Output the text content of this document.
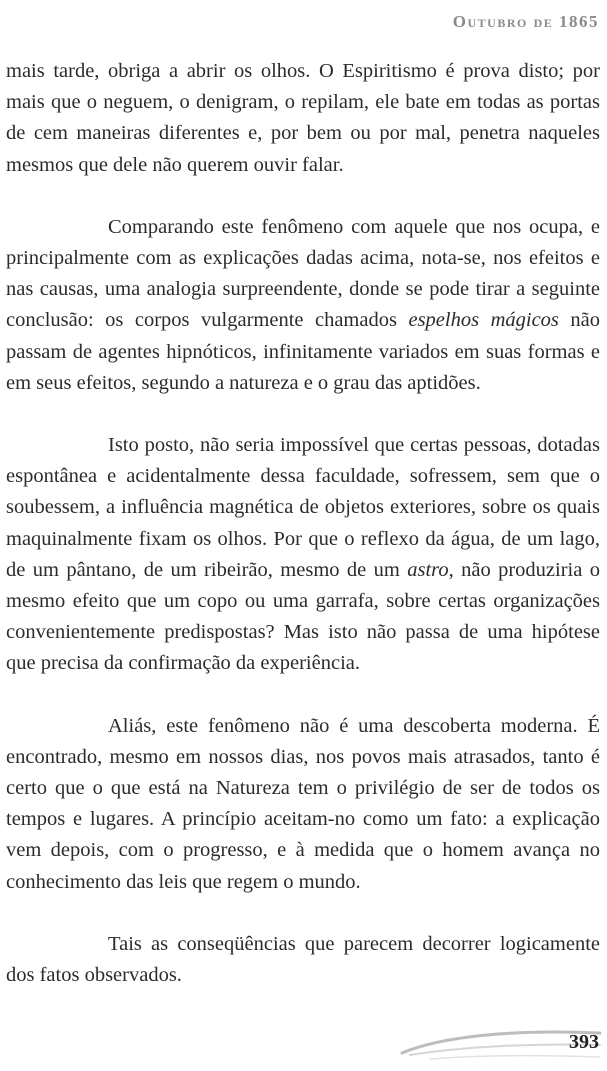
Outubro de 1865

mais tarde, obriga a abrir os olhos. O Espiritismo é prova disto; por mais que o neguem, o denigram, o repilam, ele bate em todas as portas de cem maneiras diferentes e, por bem ou por mal, penetra naqueles mesmos que dele não querem ouvir falar.

Comparando este fenômeno com aquele que nos ocupa, e principalmente com as explicações dadas acima, nota-se, nos efeitos e nas causas, uma analogia surpreendente, donde se pode tirar a seguinte conclusão: os corpos vulgarmente chamados espelhos mágicos não passam de agentes hipnóticos, infinitamente variados em suas formas e em seus efeitos, segundo a natureza e o grau das aptidões.

Isto posto, não seria impossível que certas pessoas, dotadas espontânea e acidentalmente dessa faculdade, sofressem, sem que o soubessem, a influência magnética de objetos exteriores, sobre os quais maquinalmente fixam os olhos. Por que o reflexo da água, de um lago, de um pântano, de um ribeirão, mesmo de um astro, não produziria o mesmo efeito que um copo ou uma garrafa, sobre certas organizações convenientemente predispostas? Mas isto não passa de uma hipótese que precisa da confirmação da experiência.

Aliás, este fenômeno não é uma descoberta moderna. É encontrado, mesmo em nossos dias, nos povos mais atrasados, tanto é certo que o que está na Natureza tem o privilégio de ser de todos os tempos e lugares. A princípio aceitam-no como um fato: a explicação vem depois, com o progresso, e à medida que o homem avança no conhecimento das leis que regem o mundo.

Tais as conseqüências que parecem decorrer logicamente dos fatos observados.

393
